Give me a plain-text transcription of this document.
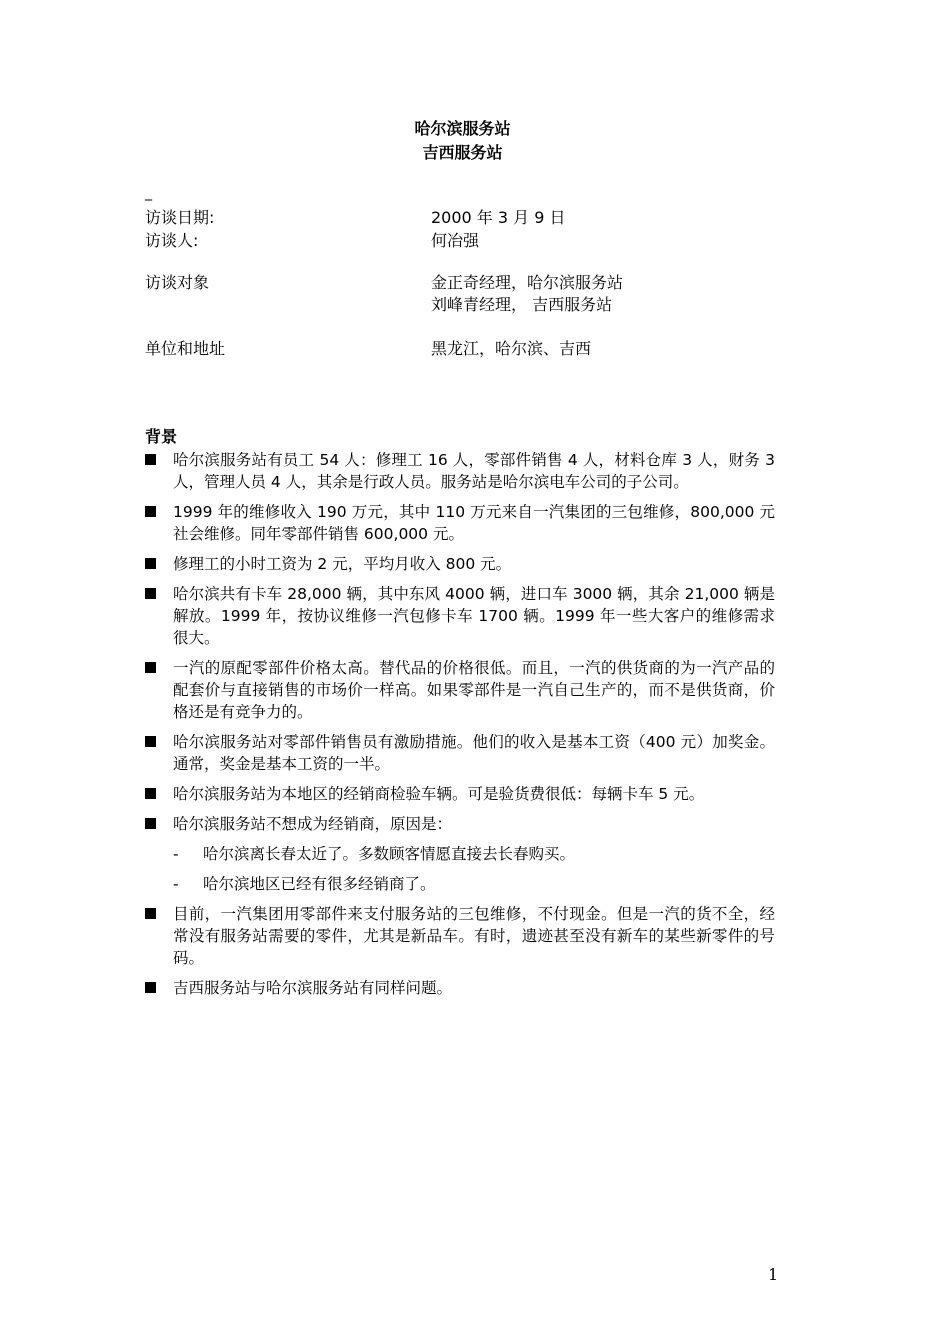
哈尔滨服务站
吉西服务站
_
访谈日期:	2000 年 3 月 9 日
访谈人:	何冶强
访谈对象	金正奇经理，哈尔滨服务站
刘峰青经理， 吉西服务站
单位和地址	黑龙江，哈尔滨、吉西
背景
哈尔滨服务站有员工 54 人：修理工 16 人，零部件销售 4 人，材料仓库 3 人，财务 3 人，管理人员 4 人，其余是行政人员。服务站是哈尔滨电车公司的子公司。
1999 年的维修收入 190 万元，其中 110 万元来自一汽集团的三包维修，800,000 元社会维修。同年零部件销售 600,000 元。
修理工的小时工资为 2 元，平均月收入 800 元。
哈尔滨共有卡车 28,000 辆，其中东风 4000 辆，进口车 3000 辆，其余 21,000 辆是解放。1999 年，按协议维修一汽包修卡车 1700 辆。1999 年一些大客户的维修需求很大。
一汽的原配零部件价格太高。替代品的价格很低。而且，一汽的供货商的为一汽产品的配套价与直接销售的市场价一样高。如果零部件是一汽自己生产的，而不是供货商，价格还是有竞争力的。
哈尔滨服务站对零部件销售员有激励措施。他们的收入是基本工资（400 元）加奖金。通常，奖金是基本工资的一半。
哈尔滨服务站为本地区的经销商检验车辆。可是验货费很低：每辆卡车 5 元。
哈尔滨服务站不想成为经销商，原因是：
- 哈尔滨离长春太近了。多数顾客情愿直接去长春购买。
- 哈尔滨地区已经有很多经销商了。
目前，一汽集团用零部件来支付服务站的三包维修，不付现金。但是一汽的货不全，经常没有服务站需要的零件，尤其是新品车。有时，遗迹甚至没有新车的某些新零件的号码。
吉西服务站与哈尔滨服务站有同样问题。
1
